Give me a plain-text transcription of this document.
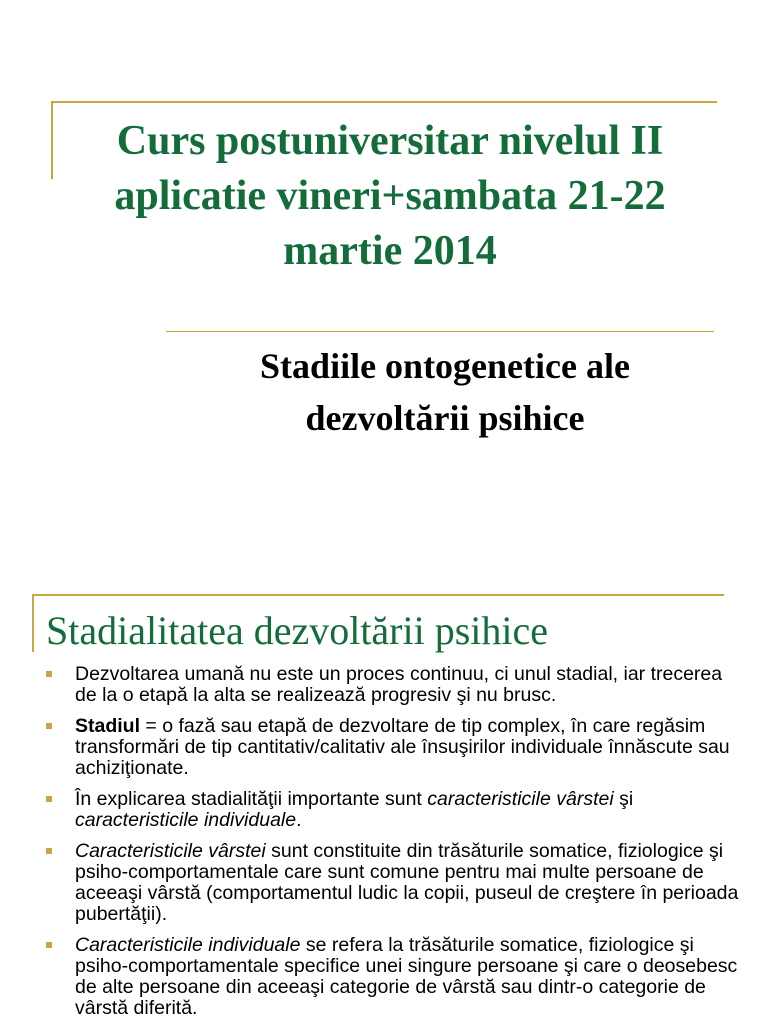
Curs postuniversitar nivelul II
aplicatie vineri+sambata 21-22
martie 2014
Stadiile ontogenetice ale
dezvoltării psihice
Stadialitatea dezvoltării psihice
Dezvoltarea umană nu este un proces continuu, ci unul stadial, iar trecerea de la o etapă la alta se realizează progresiv şi nu brusc.
Stadiul = o fază sau etapă de dezvoltare de tip complex, în care regăsim transformări de tip cantitativ/calitativ ale însuşirilor individuale înnăscute sau achiziţionate.
În explicarea stadialităţii importante sunt caracteristicile vârstei şi caracteristicile individuale.
Caracteristicile vârstei sunt constituite din trăsăturile somatice, fiziologice şi psiho-comportamentale care sunt comune pentru mai multe persoane de aceeaşi vârstă (comportamentul ludic la copii, puseul de creştere în perioada pubertăţii).
Caracteristicile individuale se refera la trăsăturile somatice, fiziologice şi psiho-comportamentale specifice unei singure persoane şi care o deosebesc de alte persoane din aceeaşi categorie de vârstă sau dintr-o categorie de vârstă diferită.
